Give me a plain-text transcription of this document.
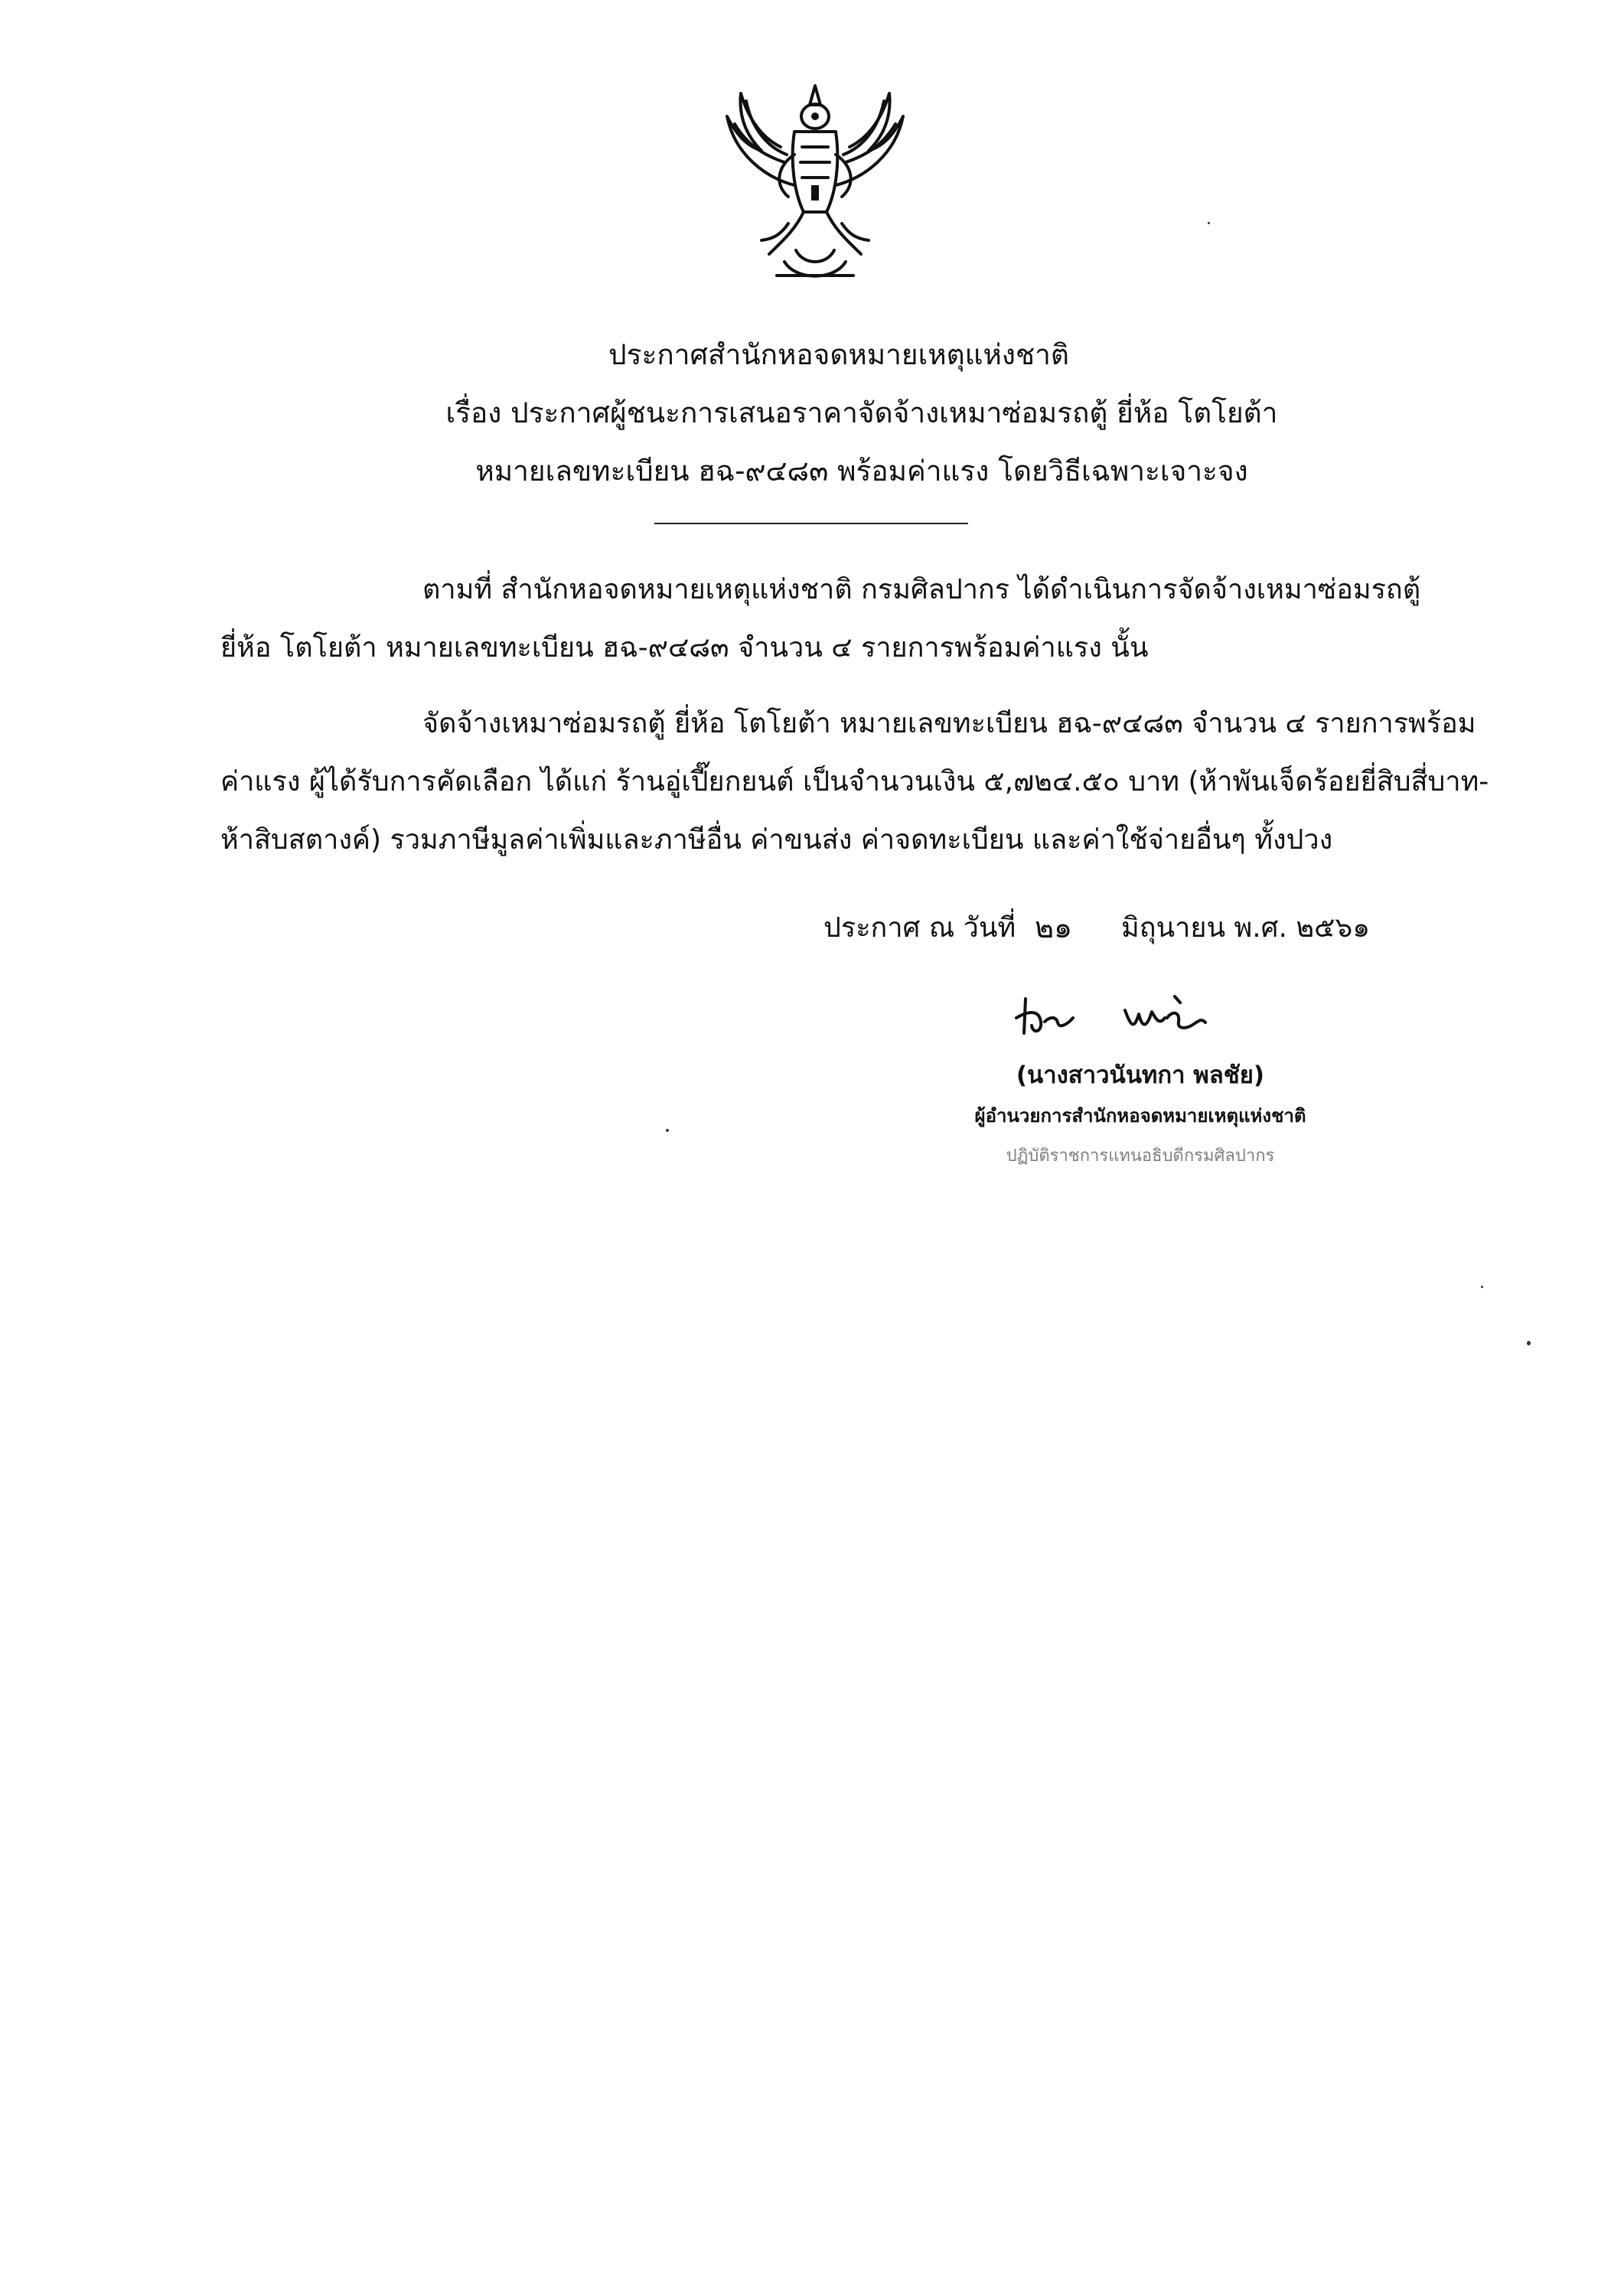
ประกาศสำนักหอจดหมายเหตุแห่งชาติ
เรื่อง ประกาศผู้ชนะการเสนอราคาจัดจ้างเหมาซ่อมรถตู้ ยี่ห้อ โตโยต้า
หมายเลขทะเบียน ฮฉ-๙๔๘๓ พร้อมค่าแรง โดยวิธีเฉพาะเจาะจง
ตามที่ สำนักหอจดหมายเหตุแห่งชาติ กรมศิลปากร ได้ดำเนินการจัดจ้างเหมาซ่อมรถตู้
ยี่ห้อ โตโยต้า หมายเลขทะเบียน ฮฉ-๙๔๘๓ จำนวน ๔ รายการพร้อมค่าแรง นั้น
จัดจ้างเหมาซ่อมรถตู้ ยี่ห้อ โตโยต้า หมายเลขทะเบียน ฮฉ-๙๔๘๓ จำนวน ๔ รายการพร้อม
ค่าแรง ผู้ได้รับการคัดเลือก ได้แก่ ร้านอู่เปี๊ยกยนต์ เป็นจำนวนเงิน ๕,๗๒๔.๕๐ บาท (ห้าพันเจ็ดร้อยยี่สิบสี่บาท-
ห้าสิบสตางค์) รวมภาษีมูลค่าเพิ่มและภาษีอื่น ค่าขนส่ง ค่าจดทะเบียน และค่าใช้จ่ายอื่นๆ ทั้งปวง
ประกาศ ณ วันที่ ๒๑ มิถุนายน พ.ศ. ๒๕๖๑
(นางสาวนันทกา พลชัย)
ผู้อำนวยการสำนักหอจดหมายเหตุแห่งชาติ
ปฏิบัติราชการแทนอธิบดีกรมศิลปากร
